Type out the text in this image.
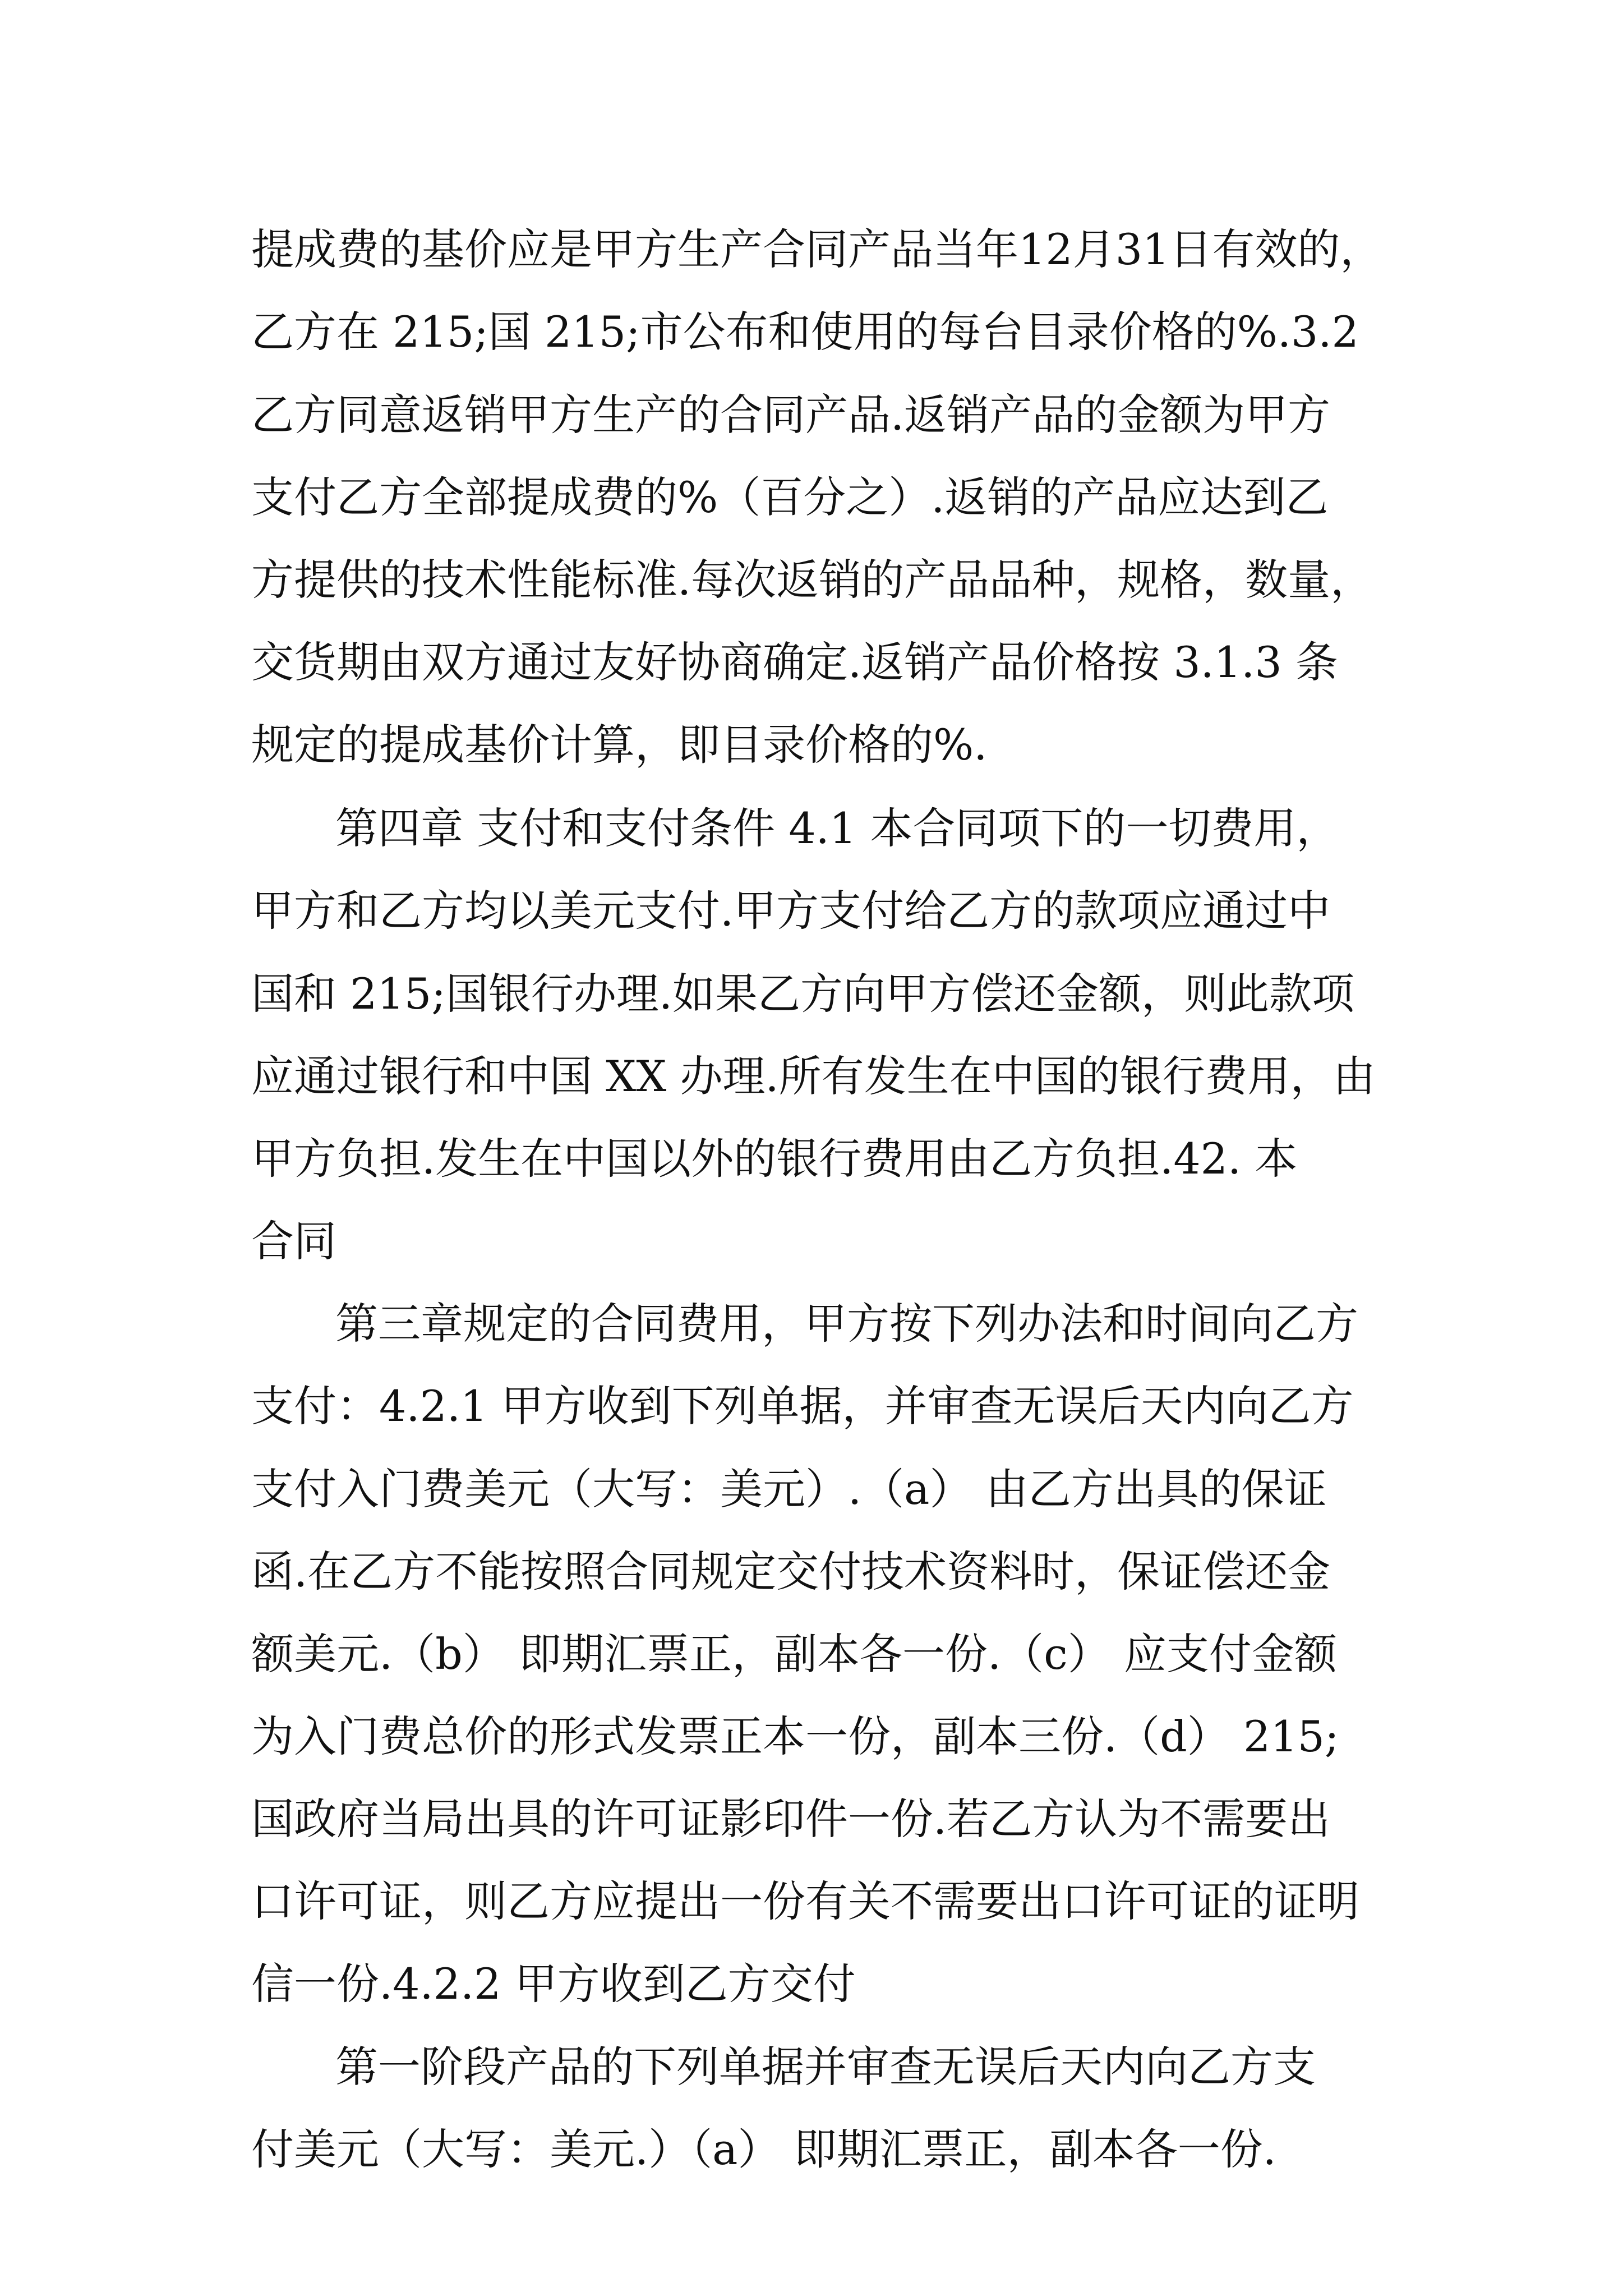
提成费的基价应是甲方生产合同产品当年12月31日有效的，

乙方在 215;国 215;市公布和使用的每台目录价格的%.3.2

乙方同意返销甲方生产的合同产品.返销产品的金额为甲方

支付乙方全部提成费的%（百分之）.返销的产品应达到乙

方提供的技术性能标准.每次返销的产品品种，规格，数量，

交货期由双方通过友好协商确定.返销产品价格按 3.1.3 条

规定的提成基价计算，即目录价格的%.

第四章 支付和支付条件 4.1 本合同项下的一切费用，

甲方和乙方均以美元支付.甲方支付给乙方的款项应通过中

国和 215;国银行办理.如果乙方向甲方偿还金额，则此款项

应通过银行和中国 XX 办理.所有发生在中国的银行费用，由

甲方负担.发生在中国以外的银行费用由乙方负担.42. 本

合同

第三章规定的合同费用，甲方按下列办法和时间向乙方

支付：4.2.1 甲方收到下列单据，并审查无误后天内向乙方

支付入门费美元（大写：美元）.（a） 由乙方出具的保证

函.在乙方不能按照合同规定交付技术资料时，保证偿还金

额美元.（b） 即期汇票正，副本各一份.（c） 应支付金额

为入门费总价的形式发票正本一份，副本三份.（d） 215;

国政府当局出具的许可证影印件一份.若乙方认为不需要出

口许可证，则乙方应提出一份有关不需要出口许可证的证明

信一份.4.2.2 甲方收到乙方交付

第一阶段产品的下列单据并审查无误后天内向乙方支

付美元（大写：美元.）（a） 即期汇票正，副本各一份.
